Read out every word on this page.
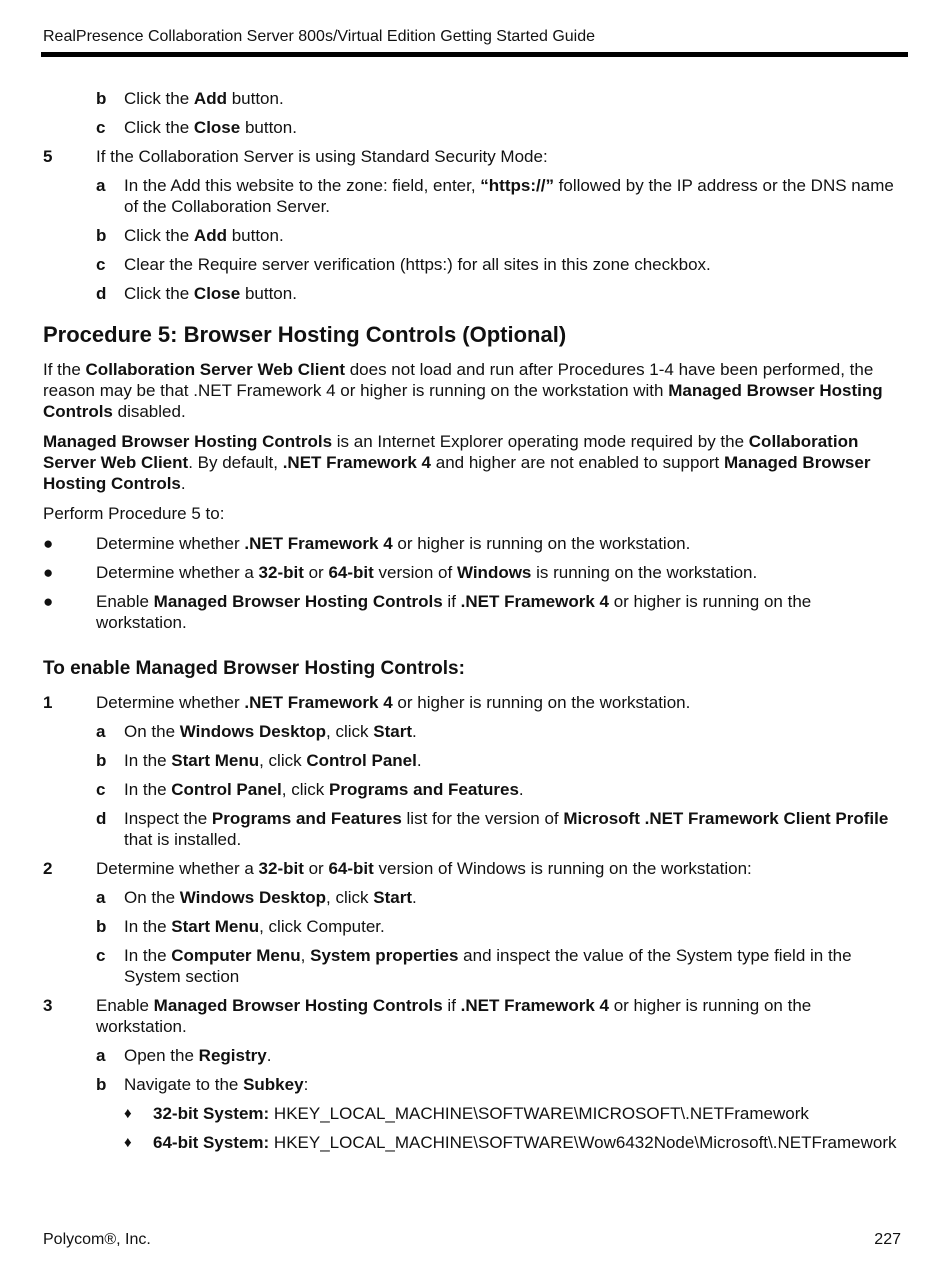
RealPresence Collaboration Server 800s/Virtual Edition Getting Started Guide
b	Click the Add button.
c	Click the Close button.
5	If the Collaboration Server is using Standard Security Mode:
a	In the Add this website to the zone: field, enter, “https://” followed by the IP address or the DNS name of the Collaboration Server.
b	Click the Add button.
c	Clear the Require server verification (https:) for all sites in this zone checkbox.
d	Click the Close button.
Procedure 5: Browser Hosting Controls (Optional)
If the Collaboration Server Web Client does not load and run after Procedures 1-4 have been performed, the reason may be that .NET Framework 4 or higher is running on the workstation with Managed Browser Hosting Controls disabled.
Managed Browser Hosting Controls is an Internet Explorer operating mode required by the Collaboration Server Web Client. By default, .NET Framework 4 and higher are not enabled to support Managed Browser Hosting Controls.
Perform Procedure 5 to:
●	Determine whether .NET Framework 4 or higher is running on the workstation.
●	Determine whether a 32-bit or 64-bit version of Windows is running on the workstation.
●	Enable Managed Browser Hosting Controls if .NET Framework 4 or higher is running on the workstation.
To enable Managed Browser Hosting Controls:
1	Determine whether .NET Framework 4 or higher is running on the workstation.
a	On the Windows Desktop, click Start.
b	In the Start Menu, click Control Panel.
c	In the Control Panel, click Programs and Features.
d	Inspect the Programs and Features list for the version of Microsoft .NET Framework Client Profile that is installed.
2	Determine whether a 32-bit or 64-bit version of Windows is running on the workstation:
a	On the Windows Desktop, click Start.
b	In the Start Menu, click Computer.
c	In the Computer Menu, System properties and inspect the value of the System type field in the System section
3	Enable Managed Browser Hosting Controls if .NET Framework 4 or higher is running on the workstation.
a	Open the Registry.
b	Navigate to the Subkey:
♦	32-bit System: HKEY_LOCAL_MACHINE\SOFTWARE\MICROSOFT\.NETFramework
♦	64-bit System: HKEY_LOCAL_MACHINE\SOFTWARE\Wow6432Node\Microsoft\.NETFramework
Polycom®, Inc.	227
